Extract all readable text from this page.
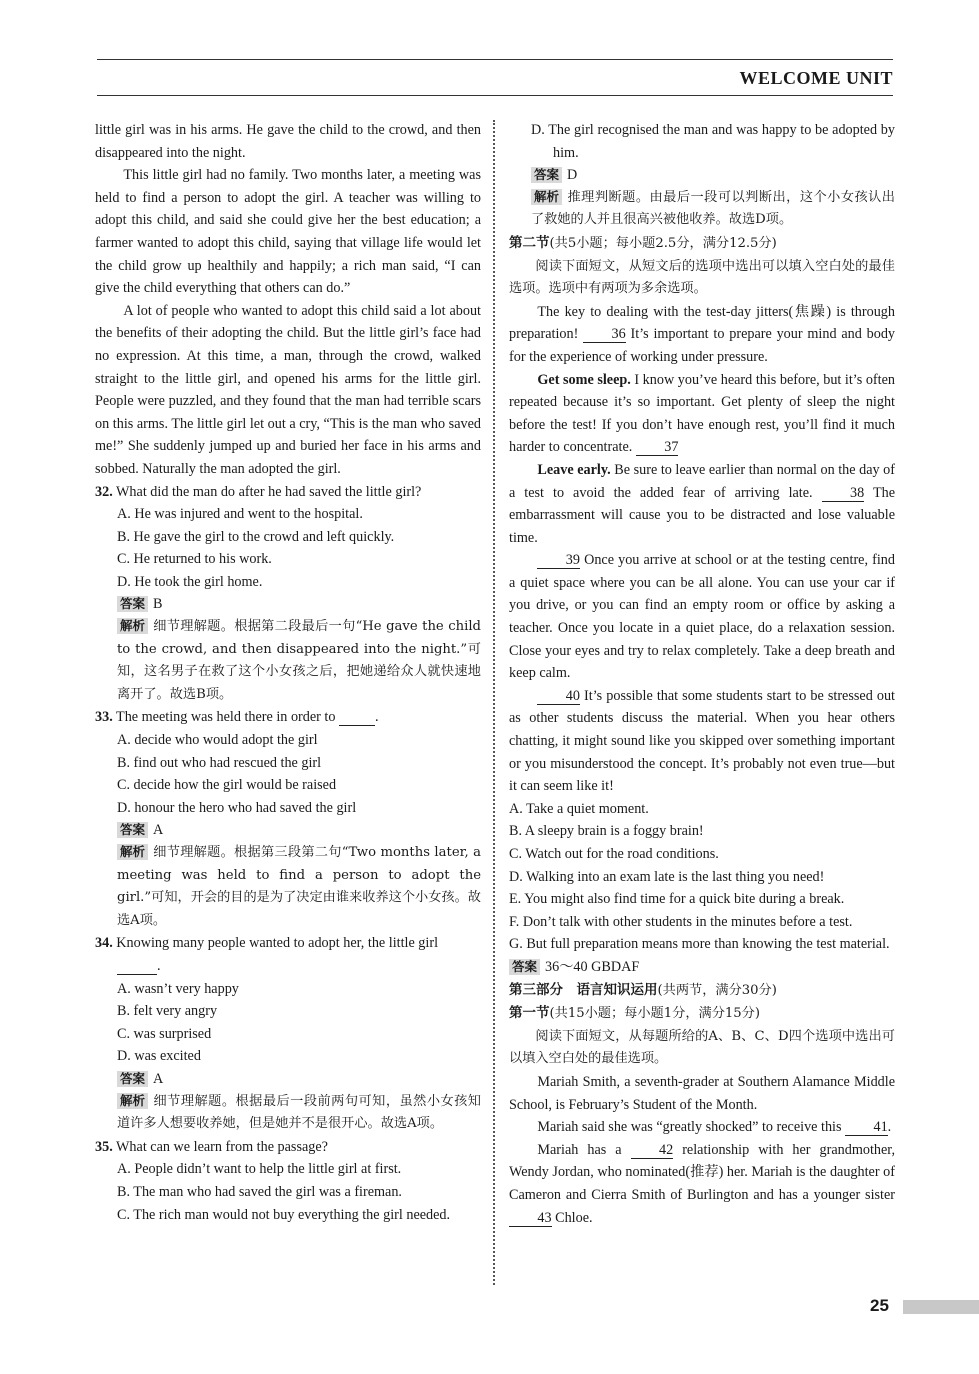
WELCOME UNIT

little girl was in his arms. He gave the child to the crowd, and then disappeared into the night.

This little girl had no family. Two months later, a meeting was held to find a person to adopt the girl. A teacher was willing to adopt this child, and said she could give her the best education; a farmer wanted to adopt this child, saying that village life would let the child grow up healthily and happily; a rich man said, “I can give the child everything that others can do.”

A lot of people who wanted to adopt this child said a lot about the benefits of their adopting the child. But the little girl’s face had no expression. At this time, a man, through the crowd, walked straight to the little girl, and opened his arms for the little girl. People were puzzled, and they found that the man had terrible scars on this arms. The little girl let out a cry, “This is the man who saved me!” She suddenly jumped up and buried her face in his arms and sobbed. Naturally the man adopted the girl.

32. What did the man do after he had saved the little girl?

A. He was injured and went to the hospital.

B. He gave the girl to the crowd and left quickly.

C. He returned to his work.

D. He took the girl home.

答案 B

解析 细节理解题。根据第二段最后一句“He gave the child to the crowd, and then disappeared into the night.”可知，这名男子在救了这个小女孩之后，把她递给众人就快速地离开了。故选B项。

33. The meeting was held there in order to	.

A. decide who would adopt the girl

B. find out who had rescued the girl

C. decide how the girl would be raised

D. honour the hero who had saved the girl

答案 A

解析 细节理解题。根据第三段第二句“Two months later, a meeting was held to find a person to adopt the girl.”可知，开会的目的是为了决定由谁来收养这个小女孩。故选A项。

34. Knowing many people wanted to adopt her, the little girl

.

A. wasn’t very happy

B. felt very angry

C. was surprised

D. was excited

答案 A

解析 细节理解题。根据最后一段前两句可知，虽然小女孩知道许多人想要收养她，但是她并不是很开心。故选A项。

35. What can we learn from the passage?

A. People didn’t want to help the little girl at first.

B. The man who had saved the girl was a fireman.

C. The rich man would not buy everything the girl needed.

D. The girl recognised the man and was happy to be adopted by him.

答案 D

解析 推理判断题。由最后一段可以判断出，这个小女孩认出了救她的人并且很高兴被他收养。故选D项。

第二节(共5小题；每小题2.5分，满分12.5分)

阅读下面短文，从短文后的选项中选出可以填入空白处的最佳选项。选项中有两项为多余选项。

The key to dealing with the test-day jitters(焦躁) is through preparation! 36 It’s important to prepare your mind and body for the experience of working under pressure.

Get some sleep. I know you’ve heard this before, but it’s often repeated because it’s so important. Get plenty of sleep the night before the test! If you don’t have enough rest, you’ll find it much harder to concentrate. 37

Leave early. Be sure to leave earlier than normal on the day of a test to avoid the added fear of arriving late.	38 The embarrassment will cause you to be distracted and lose valuable time.

39 Once you arrive at school or at the testing centre, find a quiet space where you can be all alone. You can use your car if you drive, or you can find an empty room or office by asking a teacher. Once you locate in a quiet place, do a relaxation session. Close your eyes and try to relax completely. Take a deep breath and keep calm.

40 It’s possible that some students start to be stressed out as other students discuss the material. When you hear others chatting, it might sound like you skipped over something important or you misunderstood the concept. It’s probably not even true—but it can seem like it!

A. Take a quiet moment.

B. A sleepy brain is a foggy brain!

C. Watch out for the road conditions.

D. Walking into an exam late is the last thing you need!

E. You might also find time for a quick bite during a break.

F. Don’t talk with other students in the minutes before a test.

G. But full preparation means more than knowing the test material.

答案 36～40 GBDAF

第三部分　语言知识运用(共两节，满分30分)

第一节(共15小题；每小题1分，满分15分)

阅读下面短文，从每题所给的A、B、C、D四个选项中选出可以填入空白处的最佳选项。

Mariah Smith, a seventh-grader at Southern Alamance Middle School, is February’s Student of the Month.

Mariah said she was “greatly shocked” to receive this 41.

Mariah has a	42 relationship with her grandmother, Wendy Jordan, who nominated(推荐) her. Mariah is the daughter of Cameron and Cierra Smith of Burlington and has a younger sister 43 Chloe.

25
